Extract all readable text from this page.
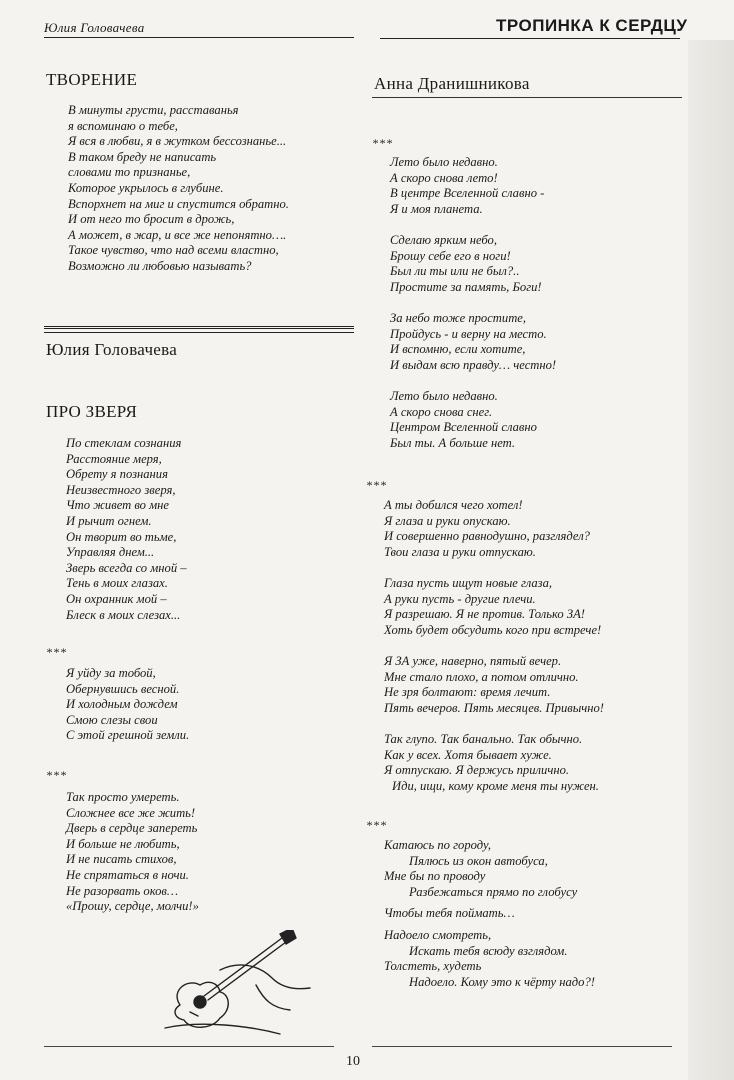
Юлия Головачева	ТРОПИНКА К СЕРДЦУ
ТВОРЕНИЕ
В минуты грусти, расставанья
я вспоминаю о тебе,
Я вся в любви, я в жутком бессознанье...
В таком бреду не написать
словами то признанье,
Которое укрылось в глубине.
Вспорхнет на миг и спустится обратно.
И от него то бросит в дрожь,
А может, в жар, и все же непонятно….
Такое чувство, что над всеми властно,
Возможно ли любовью называть?
Юлия Головачева
ПРО ЗВЕРЯ
По стеклам сознания
Расстояние меря,
Обрету я познания
Неизвестного зверя,
Что живет во мне
И рычит огнем.
Он творит во тьме,
Управляя днем...
Зверь всегда со мной –
Тень в моих глазах.
Он охранник мой –
Блеск в моих слезах...
***
Я уйду за тобой,
Обернувшись весной.
И холодным дождем
Смою слезы свои
С этой грешной земли.
***
Так просто умереть.
Сложнее все же жить!
Дверь в сердце запереть
И больше не любить,
И не писать стихов,
Не спрятаться в ночи.
Не разорвать оков…
«Прошу, сердце, молчи!»
Анна Дранишникова
***
Лето было недавно.
А скоро снова лето!
В центре Вселенной славно -
Я и моя планета.
Сделаю ярким небо,
Брошу себе его в ноги!
Был ли ты или не был?..
Простите за память, Боги!
За небо тоже простите,
Пройдусь - и верну на место.
И вспомню, если хотите,
И выдам всю правду… честно!
Лето было недавно.
А скоро снова снег.
Центром Вселенной славно
Был ты. А больше нет.
***
А ты добился чего хотел!
Я глаза и руки опускаю.
И совершенно равнодушно, разглядел?
Твои глаза и руки отпускаю.
Глаза пусть ищут новые глаза,
А руки пусть - другие плечи.
Я разрешаю. Я не против. Только ЗА!
Хоть будет обсудить кого при встрече!
Я ЗА уже, наверно, пятый вечер.
Мне стало плохо, а потом отлично.
Не зря болтают: время лечит.
Пять вечеров. Пять месяцев. Привычно!
Так глупо. Так банально. Так обычно.
Как у всех. Хотя бывает хуже.
Я отпускаю. Я держусь прилично.
Иди, ищи, кому кроме меня ты нужен.
***
Катаюсь по городу,
Пялюсь из окон автобуса,
Мне бы по проводу
Разбежаться прямо по глобусу
Чтобы тебя поймать…
Надоело смотреть,
Искать тебя всюду взглядом.
Толстеть, худеть
Надоело. Кому это к чёрту надо?!
10
